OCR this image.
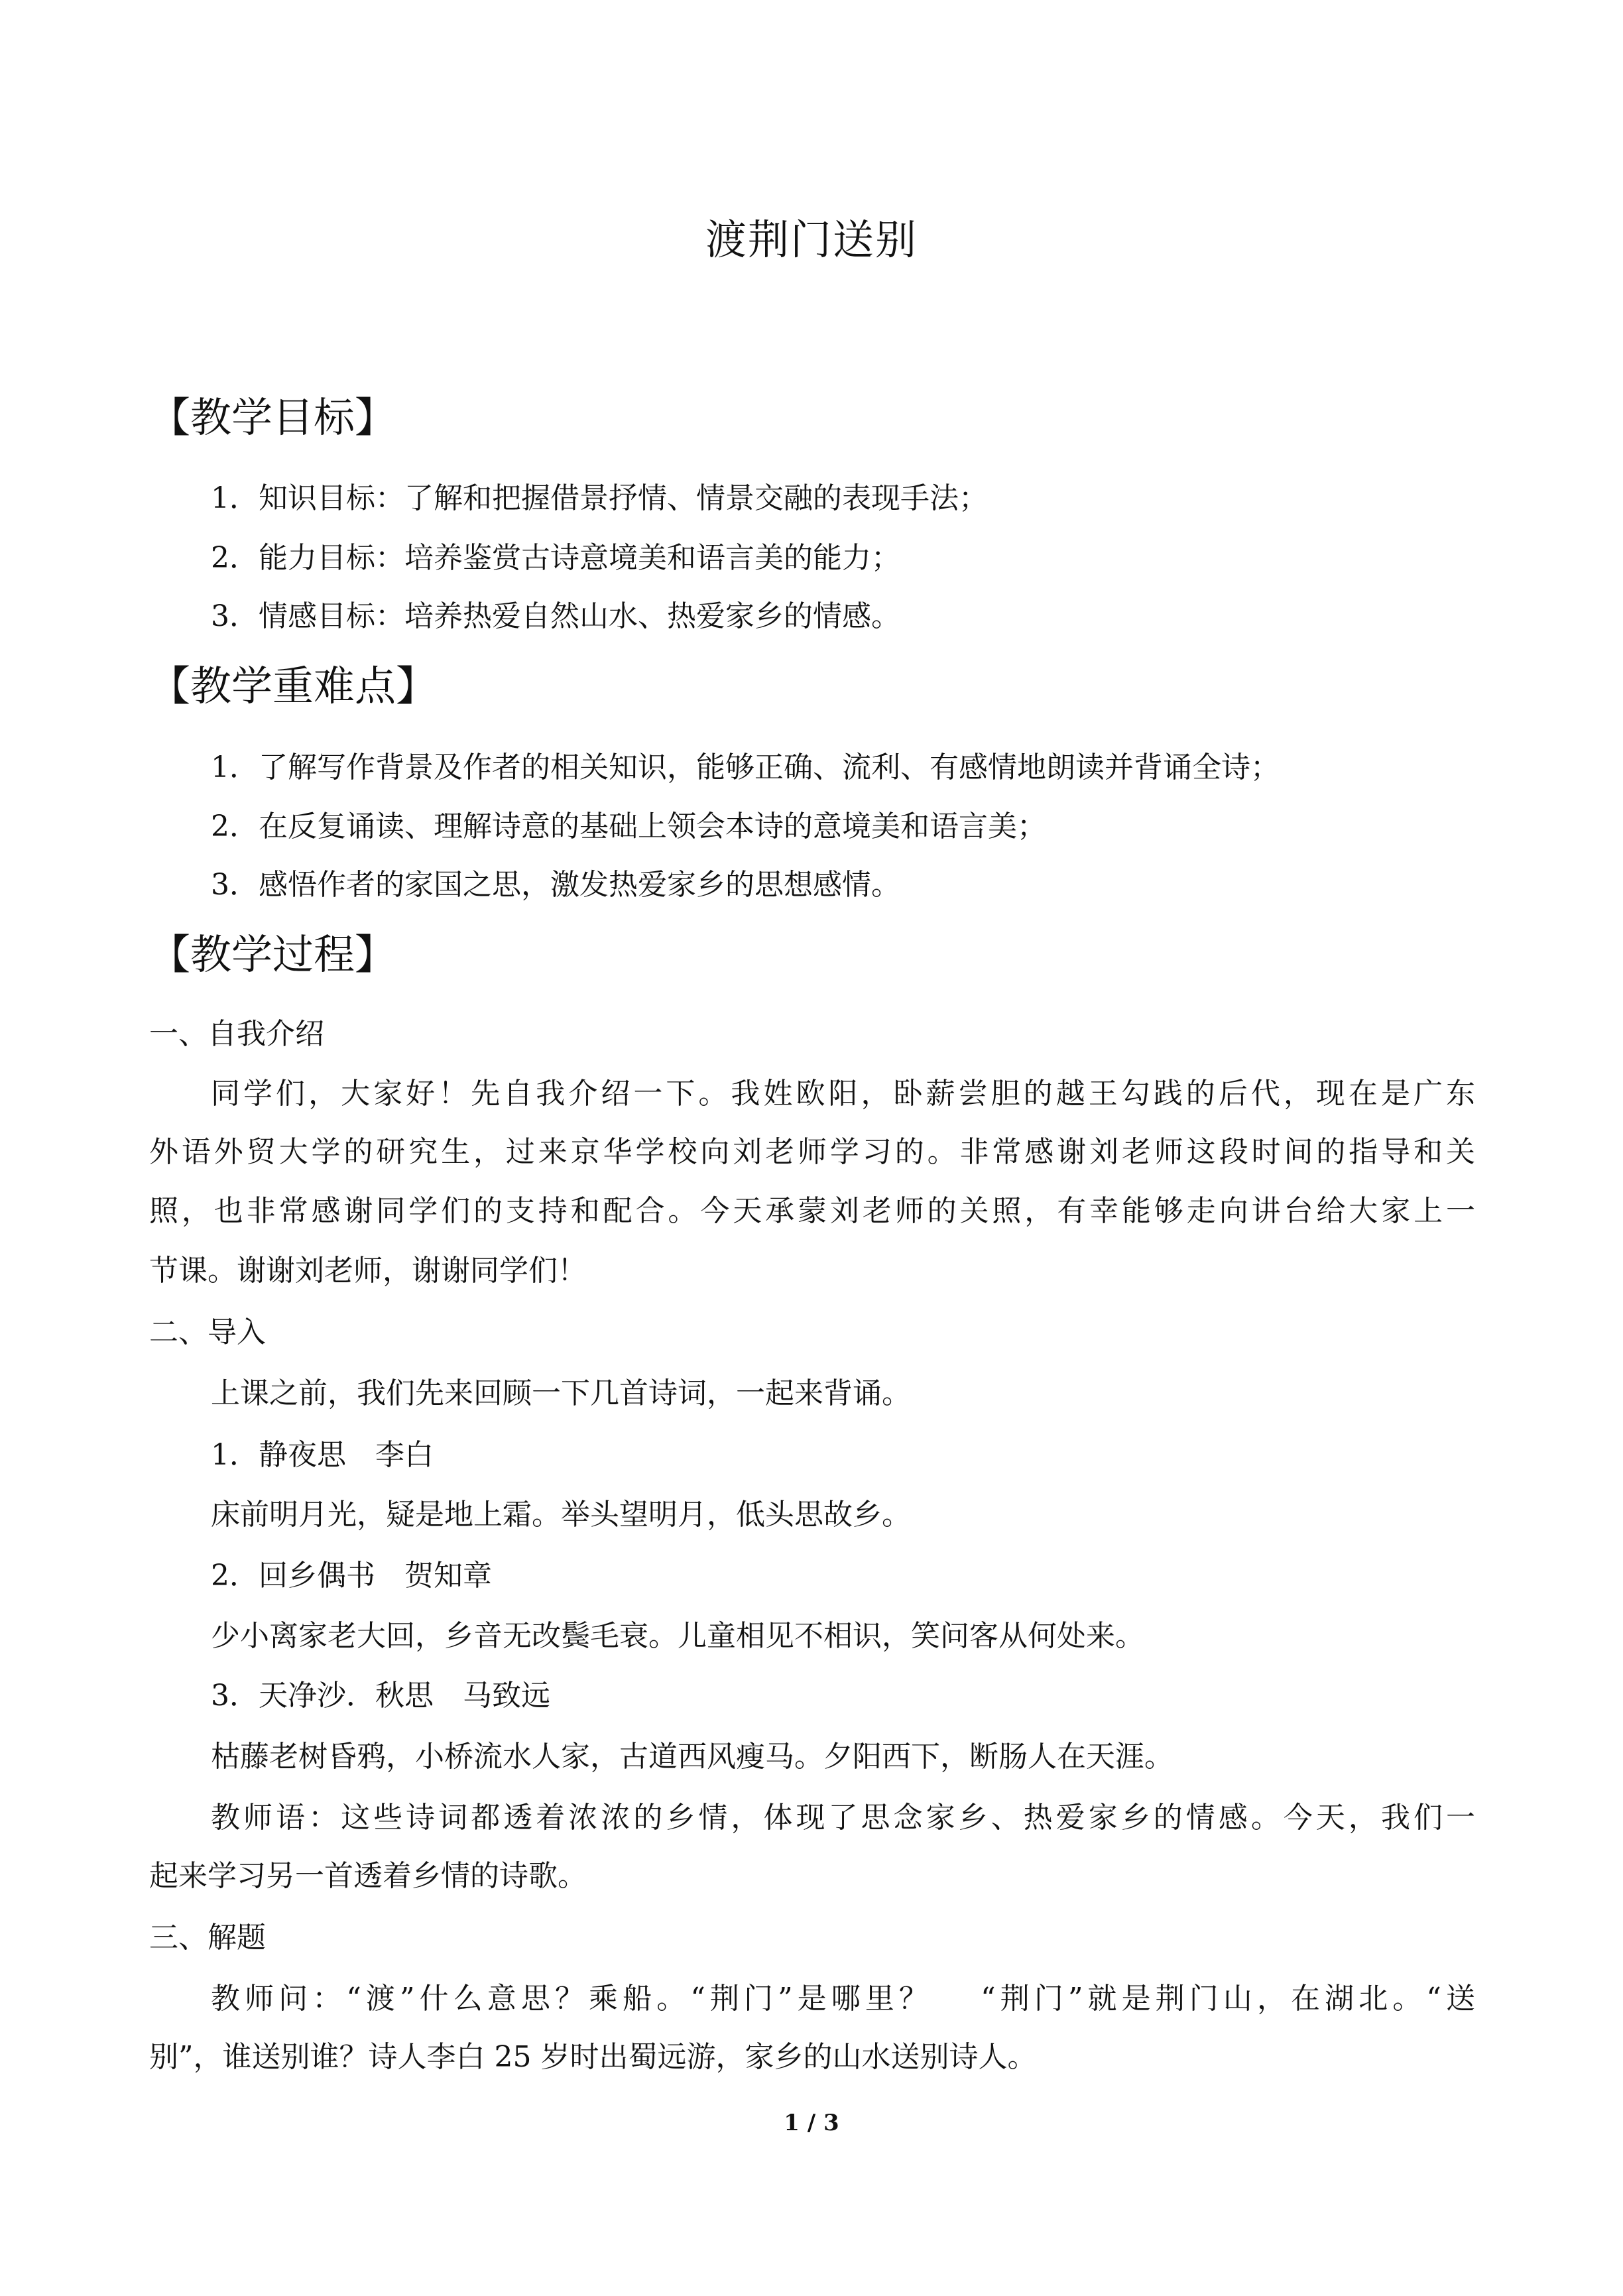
渡荆门送别
【教学目标】
1．知识目标：了解和把握借景抒情、情景交融的表现手法；
2．能力目标：培养鉴赏古诗意境美和语言美的能力；
3．情感目标：培养热爱自然山水、热爱家乡的情感。
【教学重难点】
1．了解写作背景及作者的相关知识，能够正确、流利、有感情地朗读并背诵全诗；
2．在反复诵读、理解诗意的基础上领会本诗的意境美和语言美；
3．感悟作者的家国之思，激发热爱家乡的思想感情。
【教学过程】
一、自我介绍
同学们，大家好！先自我介绍一下。我姓欧阳，卧薪尝胆的越王勾践的后代，现在是广东
外语外贸大学的研究生，过来京华学校向刘老师学习的。非常感谢刘老师这段时间的指导和关
照，也非常感谢同学们的支持和配合。今天承蒙刘老师的关照，有幸能够走向讲台给大家上一
节课。谢谢刘老师，谢谢同学们！
二、导入
上课之前，我们先来回顾一下几首诗词，一起来背诵。
1．静夜思　李白
床前明月光，疑是地上霜。举头望明月，低头思故乡。
2．回乡偶书　贺知章
少小离家老大回，乡音无改鬓毛衰。儿童相见不相识，笑问客从何处来。
3．天净沙．秋思　马致远
枯藤老树昏鸦，小桥流水人家，古道西风瘦马。夕阳西下，断肠人在天涯。
教师语：这些诗词都透着浓浓的乡情，体现了思念家乡、热爱家乡的情感。今天，我们一
起来学习另一首透着乡情的诗歌。
三、解题
教师问：“渡”什么意思？乘船。“荆门”是哪里？　 “荆门”就是荆门山，在湖北。“送
别”，谁送别谁？诗人李白 25 岁时出蜀远游，家乡的山水送别诗人。
1 / 3
